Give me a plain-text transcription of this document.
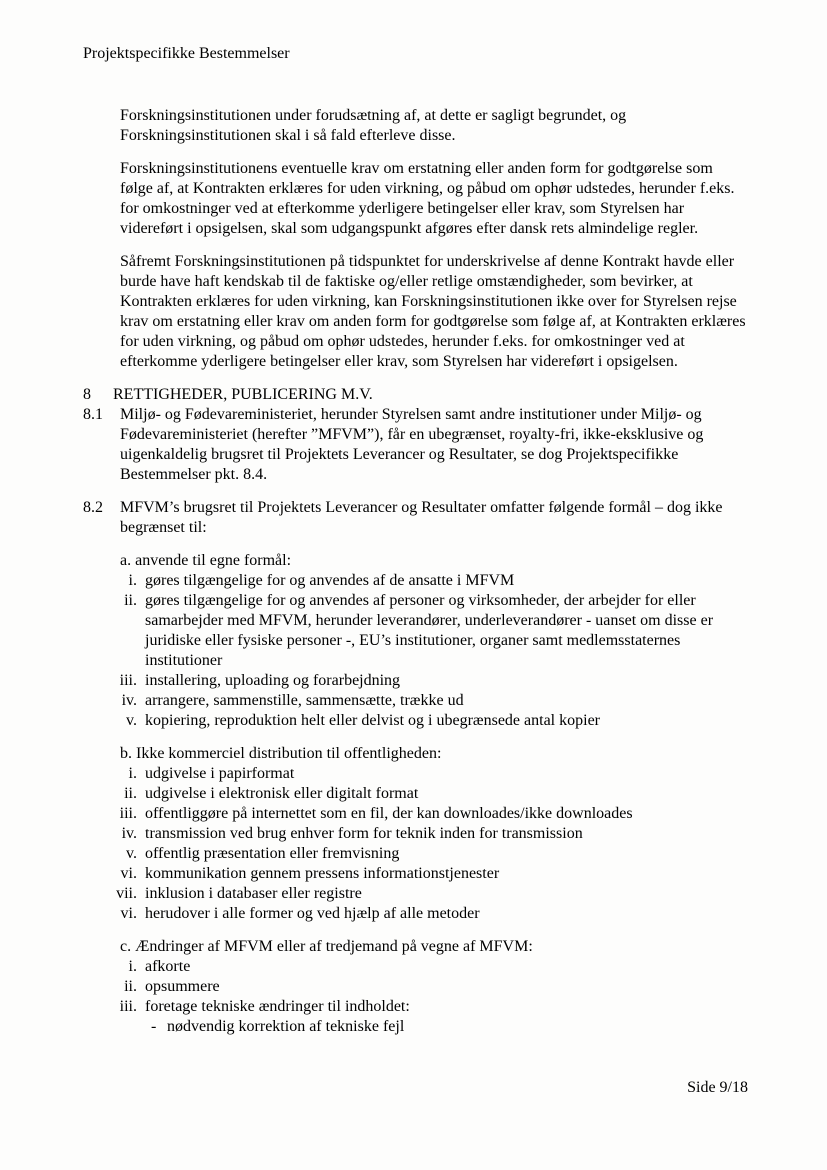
Projektspecifikke Bestemmelser

Forskningsinstitutionen under forudsætning af, at dette er sagligt begrundet, og Forskningsinstitutionen skal i så fald efterleve disse.

Forskningsinstitutionens eventuelle krav om erstatning eller anden form for godtgørelse som følge af, at Kontrakten erklæres for uden virkning, og påbud om ophør udstedes, herunder f.eks. for omkostninger ved at efterkomme yderligere betingelser eller krav, som Styrelsen har videreført i opsigelsen, skal som udgangspunkt afgøres efter dansk rets almindelige regler.

Såfremt Forskningsinstitutionen på tidspunktet for underskrivelse af denne Kontrakt havde eller burde have haft kendskab til de faktiske og/eller retlige omstændigheder, som bevirker, at Kontrakten erklæres for uden virkning, kan Forskningsinstitutionen ikke over for Styrelsen rejse krav om erstatning eller krav om anden form for godtgørelse som følge af, at Kontrakten erklæres for uden virkning, og påbud om ophør udstedes, herunder f.eks. for omkostninger ved at efterkomme yderligere betingelser eller krav, som Styrelsen har videreført i opsigelsen.

8	RETTIGHEDER, PUBLICERING M.V.
8.1	Miljø- og Fødevareministeriet, herunder Styrelsen samt andre institutioner under Miljø- og Fødevareministeriet (herefter ”MFVM”), får en ubegrænset, royalty-fri, ikke-eksklusive og uigenkaldelig brugsret til Projektets Leverancer og Resultater, se dog Projektspecifikke Bestemmelser pkt. 8.4.
8.2	MFVM’s brugsret til Projektets Leverancer og Resultater omfatter følgende formål – dog ikke begrænset til:
a. anvende til egne formål:
i. gøres tilgængelige for og anvendes af de ansatte i MFVM
ii. gøres tilgængelige for og anvendes af personer og virksomheder, der arbejder for eller samarbejder med MFVM, herunder leverandører, underleverandører - uanset om disse er juridiske eller fysiske personer -, EU’s institutioner, organer samt medlemsstaternes institutioner
iii. installering, uploading og forarbejdning
iv. arrangere, sammenstille, sammensætte, trække ud
v. kopiering, reproduktion helt eller delvist og i ubegrænsede antal kopier
b. Ikke kommerciel distribution til offentligheden:
i. udgivelse i papirformat
ii. udgivelse i elektronisk eller digitalt format
iii. offentliggøre på internettet som en fil, der kan downloades/ikke downloades
iv. transmission ved brug enhver form for teknik inden for transmission
v. offentlig præsentation eller fremvisning
vi. kommunikation gennem pressens informationstjenester
vii. inklusion i databaser eller registre
vi. herudover i alle former og ved hjælp af alle metoder
c. Ændringer af MFVM eller af tredjemand på vegne af MFVM:
i. afkorte
ii. opsummere
iii. foretage tekniske ændringer til indholdet:
- nødvendig korrektion af tekniske fejl
Side 9/18
